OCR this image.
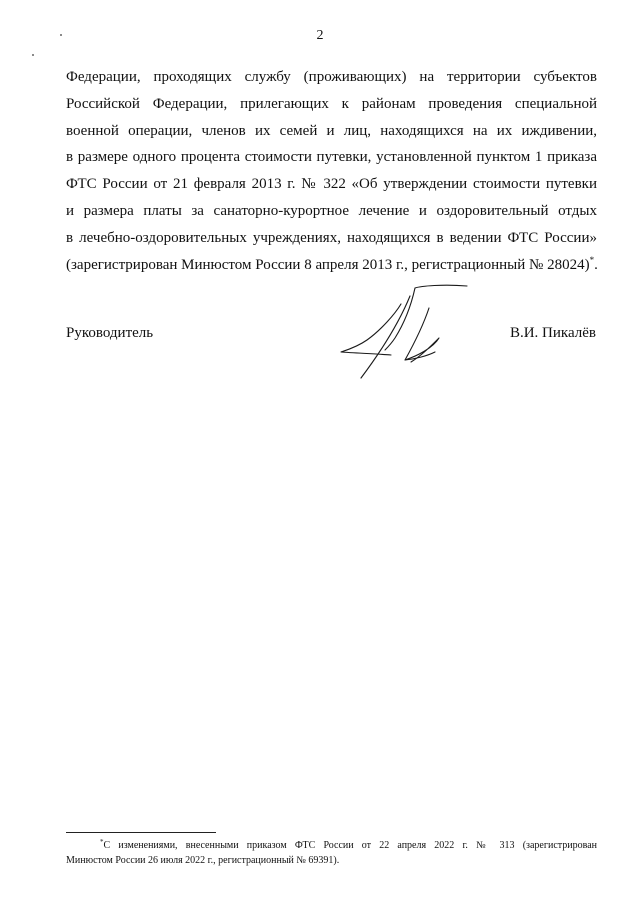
2

Федерации, проходящих службу (проживающих) на территории субъектов
Российской Федерации, прилегающих к районам проведения специальной
военной операции, членов их семей и лиц, находящихся на их иждивении,
в размере одного процента стоимости путевки, установленной пунктом 1 приказа
ФТС России от 21 февраля 2013 г. № 322 «Об утверждении стоимости путевки
и размера платы за санаторно-курортное лечение и оздоровительный отдых
в лечебно-оздоровительных учреждениях, находящихся в ведении ФТС России»
(зарегистрирован Минюстом России 8 апреля 2013 г., регистрационный № 28024)*.

Руководитель	В.И. Пикалёв

*С изменениями, внесенными приказом ФТС России от 22 апреля 2022 г. № 313 (зарегистрирован
Минюстом России 26 июля 2022 г., регистрационный № 69391).
